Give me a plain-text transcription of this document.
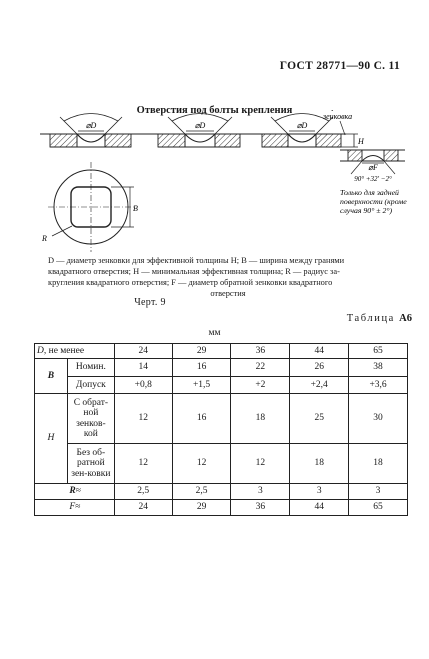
ГОСТ 28771—90 С. 11
Отверстия под болты крепления
⌀D	⌀D	⌀D
H
зенковка
⌀F
90° +32′ −2°
Только для задней
поверхности (кроме
случая 90° ± 2°)
B
R
D — диаметр зенковки для эффективной толщины H; B — ширина между гранями
квадратного отверстия; H — минимальная эффективная толщина; R — радиус за-
кругления квадратного отверстия; F — диаметр обратной зенковки квадратного
отверстия
Черт. 9
Таблица А6
мм
D, не менее		24	29	36	44	65
B	Номин.	14	16	22	26	38
	Допуск	+0,8	+1,5	+2	+2,4	+3,6
H	С обрат-ной зенков-кой	12	16	18	25	30
	Без об-ратной зен-ковки	12	12	12	18	18
	R≈	2,5	2,5	3	3	3
	F≈	24	29	36	44	65
